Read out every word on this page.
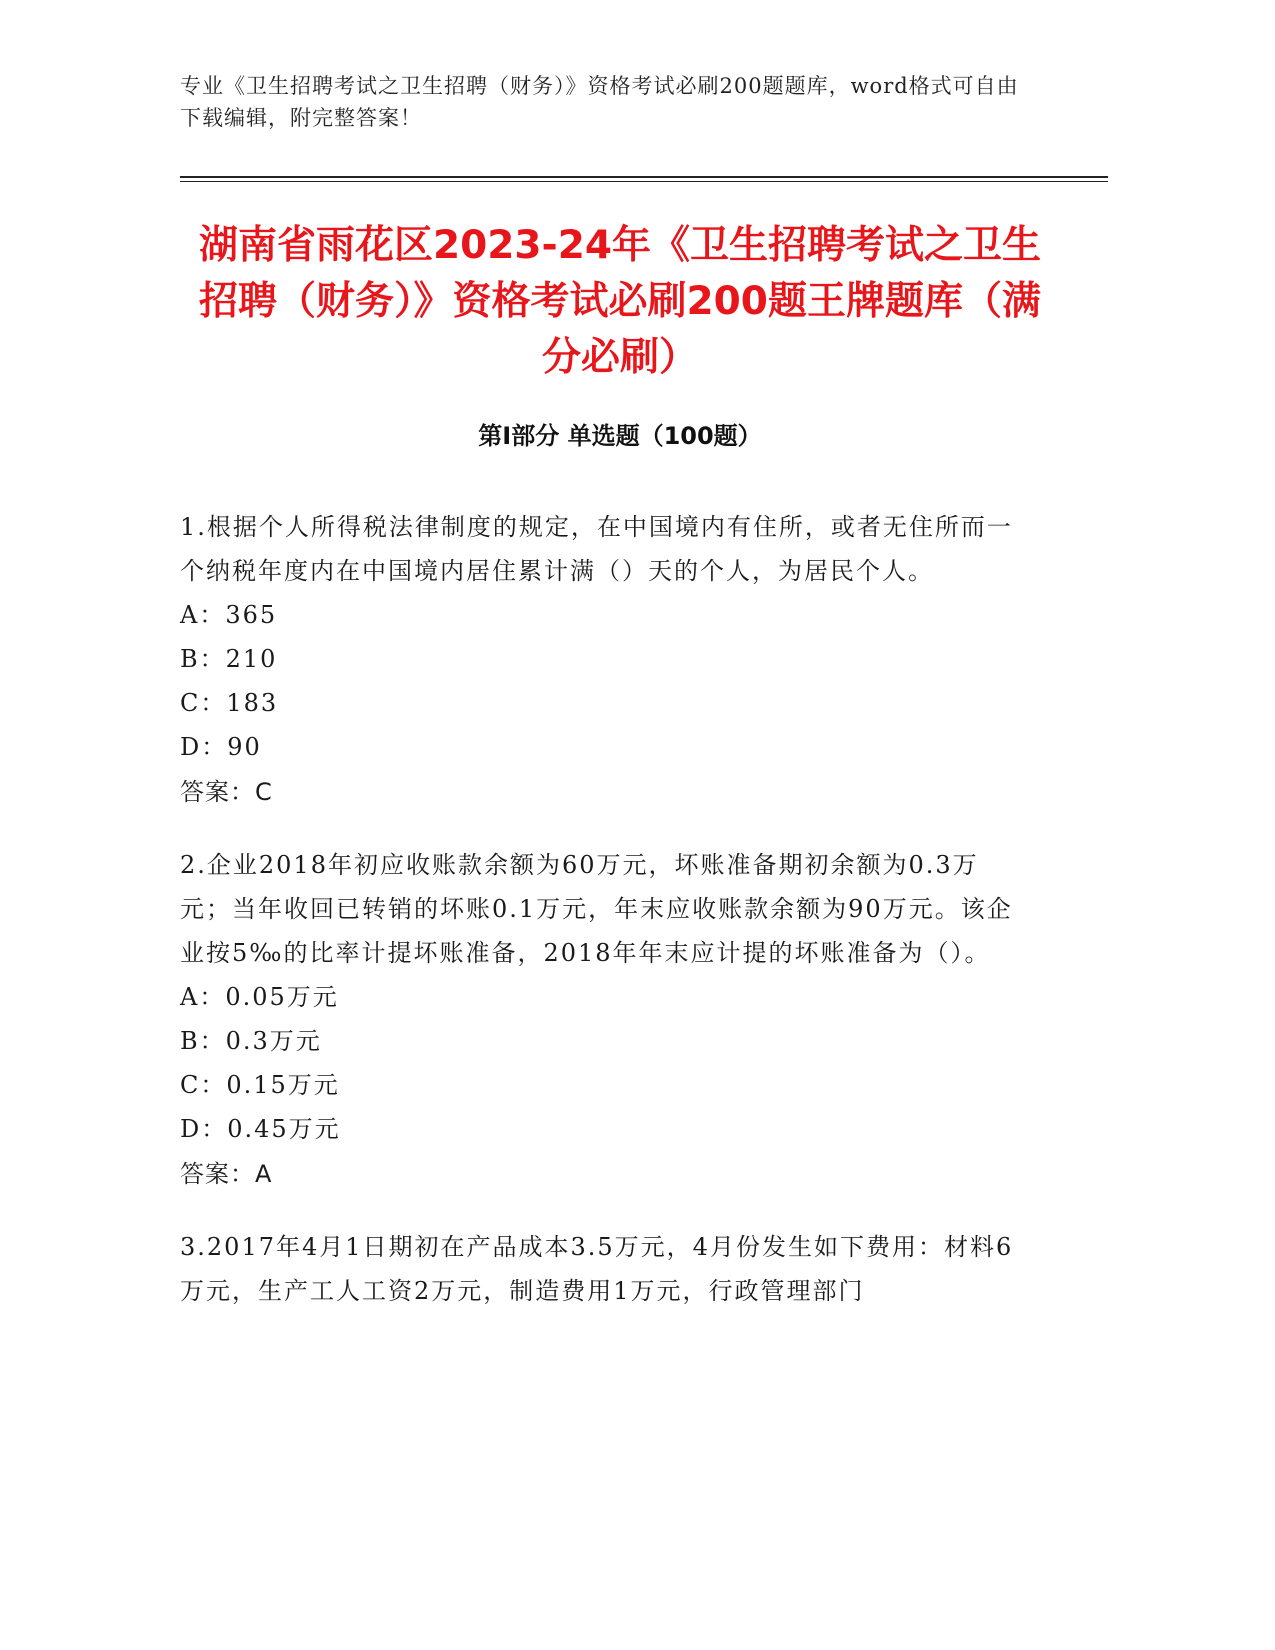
专业《卫生招聘考试之卫生招聘（财务）》资格考试必刷200题题库，word格式可自由下载编辑，附完整答案！
湖南省雨花区2023-24年《卫生招聘考试之卫生招聘（财务）》资格考试必刷200题王牌题库（满分必刷）
第Ⅰ部分 单选题（100题）

1.根据个人所得税法律制度的规定，在中国境内有住所，或者无住所而一个纳税年度内在中国境内居住累计满（）天的个人，为居民个人。

A：365

B：210

C：183

D：90

答案：C

2.企业2018年初应收账款余额为60万元，坏账准备期初余额为0.3万元；当年收回已转销的坏账0.1万元，年末应收账款余额为90万元。该企业按5‰的比率计提坏账准备，2018年年末应计提的坏账准备为（）。

A：0.05万元

B：0.3万元

C：0.15万元

D：0.45万元

答案：A

3.2017年4月1日期初在产品成本3.5万元，4月份发生如下费用：材料6万元，生产工人工资2万元，制造费用1万元，行政管理部门
